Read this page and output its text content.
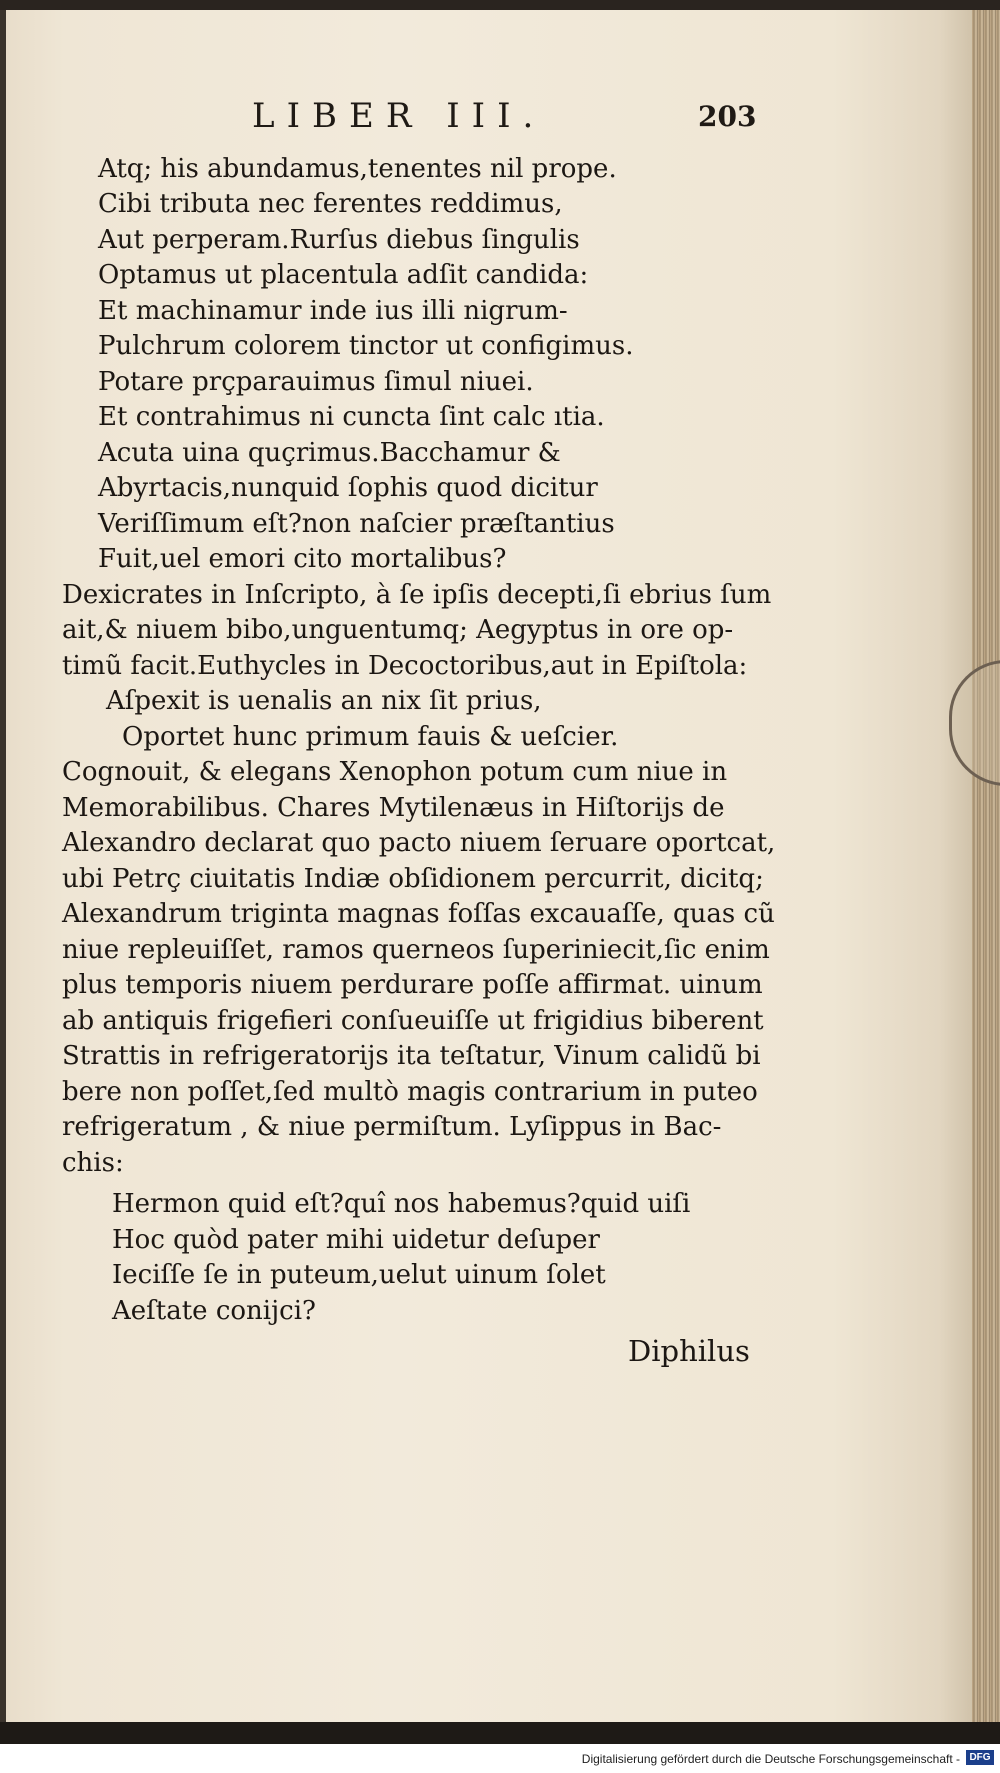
LIBER III.	203
Atq; his abundamus,tenentes nil prope.
Cibi tributa nec ferentes reddimus,
Aut perperam.Rurſus diebus ſingulis
Optamus ut placentula adſit candida:
Et machinamur inde ius illi nigrum-
Pulchrum colorem tinctor ut configimus.
Potare prçparauimus ſimul niuei.
Et contrahimus ni cuncta ſint calc ıtia.
Acuta uina quçrimus.Bacchamur &
Abyrtacis,nunquid ſophis quod dicitur
Veriſſimum eſt?non naſcier præſtantius
Fuit,uel emori cito mortalibus?
Dexicrates in Inſcripto, à ſe ipſis decepti,ſi ebrius ſum
ait,& niuem bibo,unguentumq; Aegyptus in ore op-
timũ facit.Euthycles in Decoctoribus,aut in Epiſtola:
Aſpexit is uenalis an nix ſit prius,
Oportet hunc primum fauis & ueſcier.
Cognouit, & elegans Xenophon potum cum niue in
Memorabilibus. Chares Mytilenæus in Hiſtorijs de
Alexandro declarat quo pacto niuem ſeruare oportcat,
ubi Petrç ciuitatis Indiæ obſidionem percurrit, dicitq;
Alexandrum triginta magnas foſſas excauaſſe, quas cũ
niue repleuiſſet, ramos querneos ſuperiniecit,ſic enim
plus temporis niuem perdurare poſſe affirmat. uinum
ab antiquis frigefieri conſueuiſſe ut frigidius biberent
Strattis in refrigeratorijs ita teſtatur, Vinum calidũ bi
bere non poſſet,ſed multò magis contrarium in puteo
refrigeratum , & niue permiſtum. Lyſippus in Bac-
chis:
Hermon quid eſt?quî nos habemus?quid uiſi
Hoc quòd pater mihi uidetur deſuper
Ieciſſe ſe in puteum,uelut uinum ſolet
Aeſtate conijci?
Diphilus
Digitalisierung gefördert durch die Deutsche Forschungsgemeinschaft - DFG
